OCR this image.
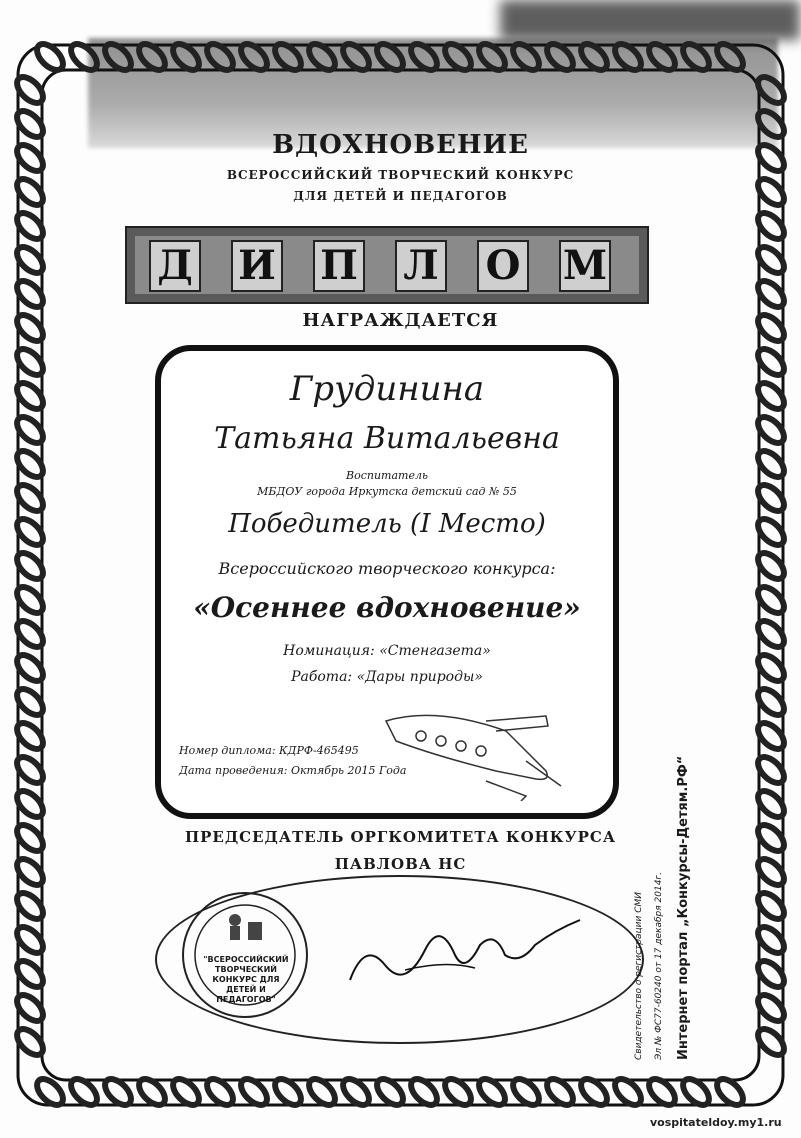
ВДОХНОВЕНИЕ
ВСЕРОССИЙСКИЙ ТВОРЧЕСКИЙ КОНКУРС
ДЛЯ ДЕТЕЙ И ПЕДАГОГОВ
Д И П Л О М
НАГРАЖДАЕТСЯ
Грудинина
Татьяна Витальевна
Воспитатель
МБДОУ города Иркутска детский сад № 55
Победитель (I Место)
Всероссийского творческого конкурса:
«Осеннее вдохновение»
Номинация: «Стенгазета»
Работа: «Дары природы»
Номер диплома: КДРФ-465495
Дата проведения: Октябрь 2015 Года
ПРЕДСЕДАТЕЛЬ ОРГКОМИТЕТА КОНКУРСА
ПАВЛОВА НС
"ВСЕРОССИЙСКИЙ ТВОРЧЕСКИЙ КОНКУРС ДЛЯ ДЕТЕЙ И ПЕДАГОГОВ"	Свидетельство о регистрации СМИ Эл № ФС77-60240 от 17 декабря 2014г. Интернет портал „Конкурсы-Детям.РФ“
vospitateldoy.my1.ru
